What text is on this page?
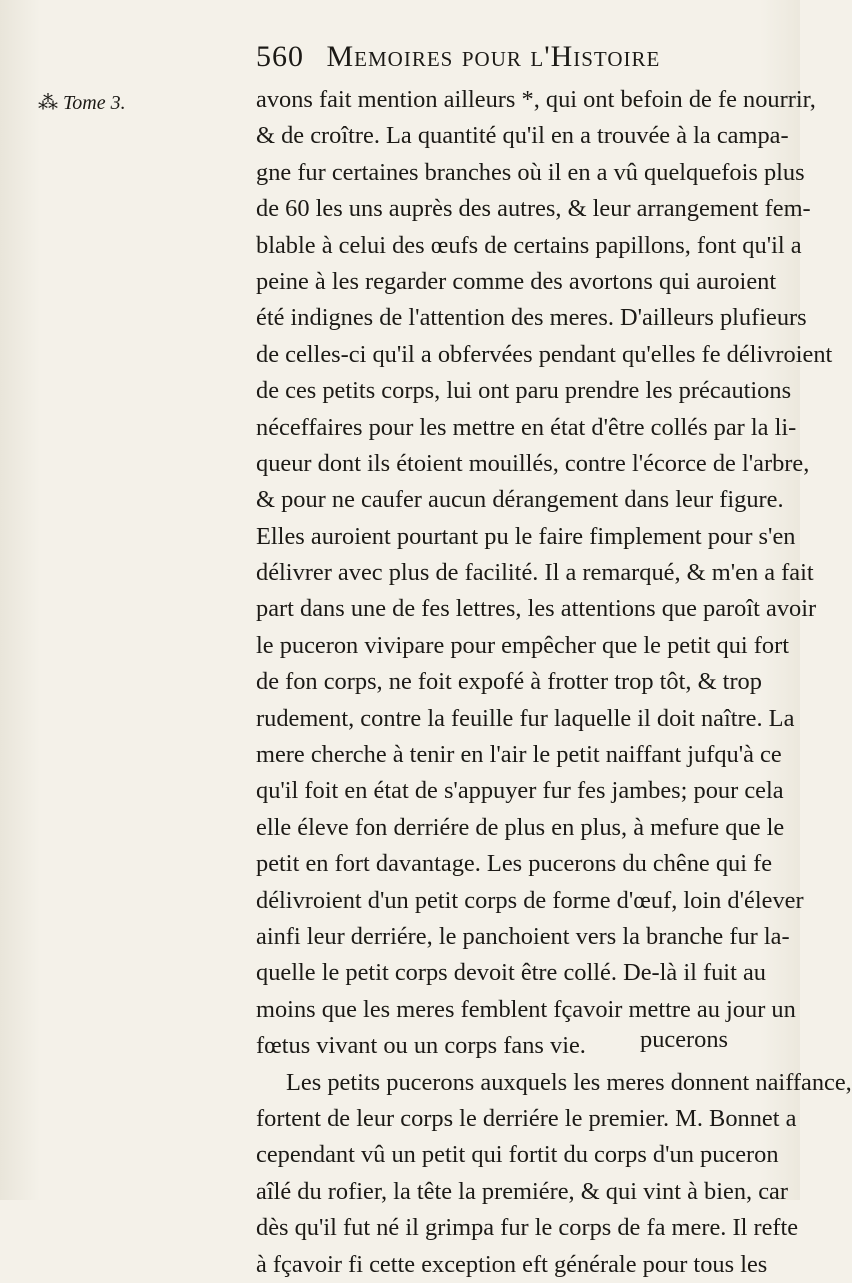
560 Memoires pour l'Histoire
⁂ Tome 3.	avons fait mention ailleurs *, qui ont befoin de fe nourrir,
& de croître. La quantité qu'il en a trouvée à la campa-
gne fur certaines branches où il en a vû quelquefois plus
de 60 les uns auprès des autres, & leur arrangement fem-
blable à celui des œufs de certains papillons, font qu'il a
peine à les regarder comme des avortons qui auroient
été indignes de l'attention des meres. D'ailleurs plufieurs
de celles-ci qu'il a obfervées pendant qu'elles fe délivroient
de ces petits corps, lui ont paru prendre les précautions
néceffaires pour les mettre en état d'être collés par la li-
queur dont ils étoient mouillés, contre l'écorce de l'arbre,
& pour ne caufer aucun dérangement dans leur figure.
Elles auroient pourtant pu le faire fimplement pour s'en
délivrer avec plus de facilité. Il a remarqué, & m'en a fait
part dans une de fes lettres, les attentions que paroît avoir
le puceron vivipare pour empêcher que le petit qui fort
de fon corps, ne foit expofé à frotter trop tôt, & trop
rudement, contre la feuille fur laquelle il doit naître. La
mere cherche à tenir en l'air le petit naiffant jufqu'à ce
qu'il foit en état de s'appuyer fur fes jambes; pour cela
elle éleve fon derriére de plus en plus, à mefure que le
petit en fort davantage. Les pucerons du chêne qui fe
délivroient d'un petit corps de forme d'œuf, loin d'élever
ainfi leur derriére, le panchoient vers la branche fur la-
quelle le petit corps devoit être collé. De-là il fuit au
moins que les meres femblent fçavoir mettre au jour un
fœtus vivant ou un corps fans vie.
Les petits pucerons auxquels les meres donnent naiffance,
fortent de leur corps le derriére le premier. M. Bonnet a
cependant vû un petit qui fortit du corps d'un puceron
aîlé du rofier, la tête la premiére, & qui vint à bien, car
dès qu'il fut né il grimpa fur le corps de fa mere. Il refte
à fçavoir fi cette exception eft générale pour tous les
pucerons
